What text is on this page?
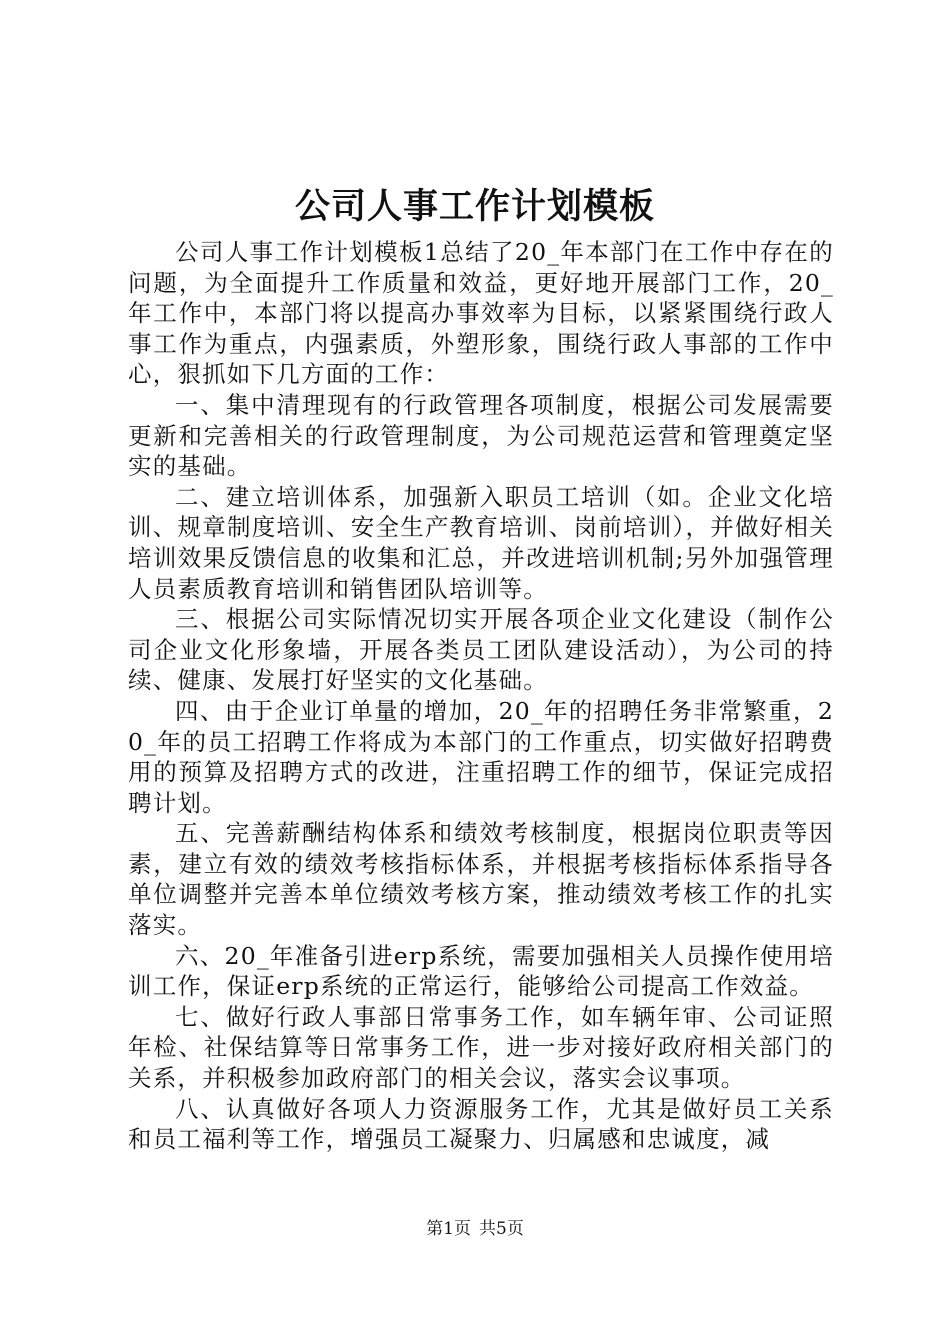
公司人事工作计划模板

公司人事工作计划模板1总结了20_年本部门在工作中存在的问题，为全面提升工作质量和效益，更好地开展部门工作，20_年工作中，本部门将以提高办事效率为目标，以紧紧围绕行政人事工作为重点，内强素质，外塑形象，围绕行政人事部的工作中心，狠抓如下几方面的工作：

一、集中清理现有的行政管理各项制度，根据公司发展需要更新和完善相关的行政管理制度，为公司规范运营和管理奠定坚实的基础。

二、建立培训体系，加强新入职员工培训（如。企业文化培训、规章制度培训、安全生产教育培训、岗前培训），并做好相关培训效果反馈信息的收集和汇总，并改进培训机制;另外加强管理人员素质教育培训和销售团队培训等。

三、根据公司实际情况切实开展各项企业文化建设（制作公司企业文化形象墙，开展各类员工团队建设活动），为公司的持续、健康、发展打好坚实的文化基础。

四、由于企业订单量的增加，20_年的招聘任务非常繁重，20_年的员工招聘工作将成为本部门的工作重点，切实做好招聘费用的预算及招聘方式的改进，注重招聘工作的细节，保证完成招聘计划。

五、完善薪酬结构体系和绩效考核制度，根据岗位职责等因素，建立有效的绩效考核指标体系，并根据考核指标体系指导各单位调整并完善本单位绩效考核方案，推动绩效考核工作的扎实落实。

六、20_年准备引进erp系统，需要加强相关人员操作使用培训工作，保证erp系统的正常运行，能够给公司提高工作效益。

七、做好行政人事部日常事务工作，如车辆年审、公司证照年检、社保结算等日常事务工作，进一步对接好政府相关部门的关系，并积极参加政府部门的相关会议，落实会议事项。

八、认真做好各项人力资源服务工作，尤其是做好员工关系和员工福利等工作，增强员工凝聚力、归属感和忠诚度，减

第1页 共5页
